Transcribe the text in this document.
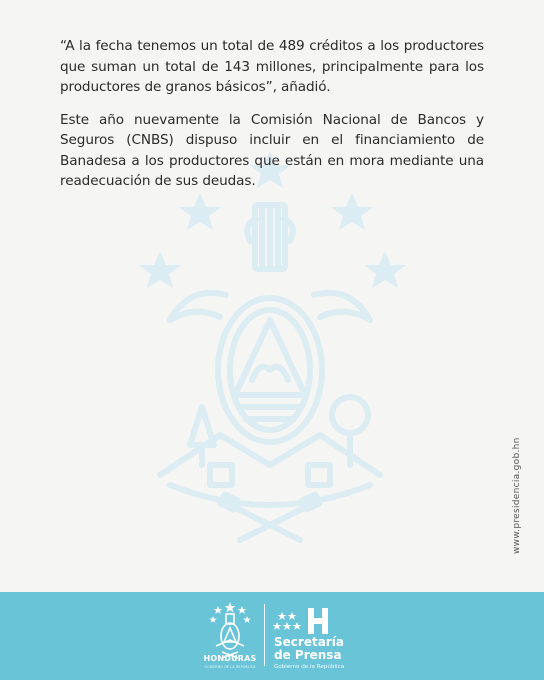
“A la fecha tenemos un total de 489 créditos a los productores que suman un total de 143 millones, principalmente para los productores de granos básicos”, añadió.

Este año nuevamente la Comisión Nacional de Bancos y Seguros (CNBS) dispuso incluir en el financiamiento de Banadesa a los productores que están en mora mediante una readecuación de sus deudas.

www.presidencia.gob.hn
HONDURAS
GOBIERNO DE LA REPÚBLICA
Secretaría
de Prensa
Gobierno de la República
